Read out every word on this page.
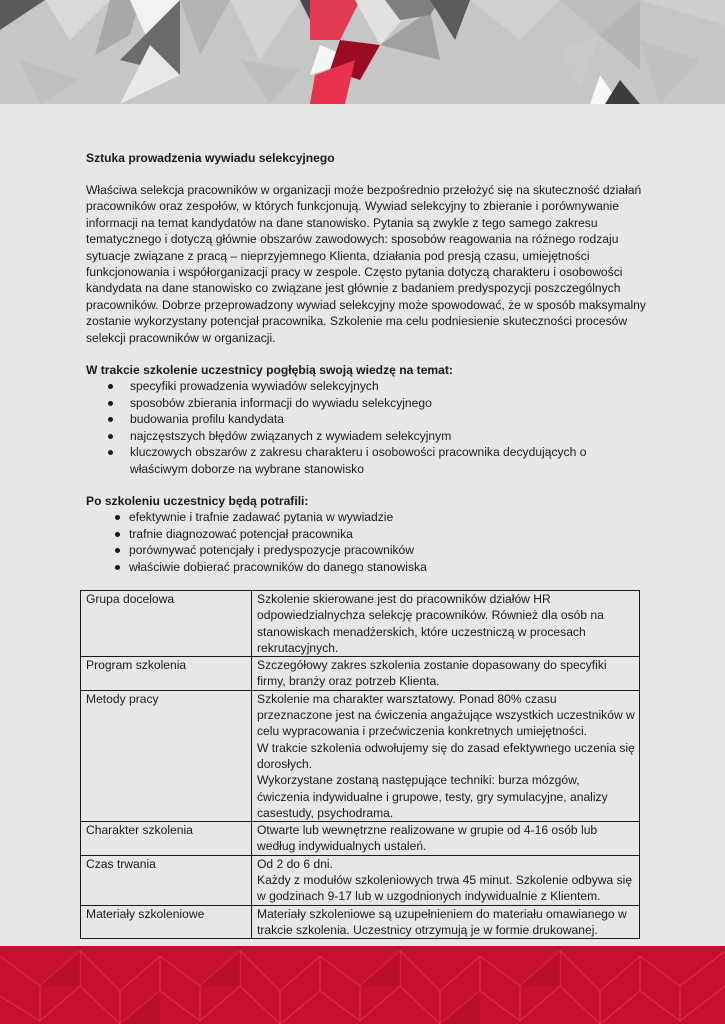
Sztuka prowadzenia wywiadu selekcyjnego

Właściwa selekcja pracowników w organizacji może bezpośrednio przełożyć się na skuteczność działań pracowników oraz zespołów, w których funkcjonują. Wywiad selekcyjny to zbieranie i porównywanie informacji na temat kandydatów na dane stanowisko. Pytania są zwykle z tego samego zakresu tematycznego i dotyczą głównie obszarów zawodowych: sposobów reagowania na różnego rodzaju sytuacje związane z pracą – nieprzyjemnego Klienta, działania pod presją czasu, umiejętności funkcjonowania i współorganizacji pracy w zespole. Często pytania dotyczą charakteru i osobowości kandydata na dane stanowisko co związane jest głównie z badaniem predyspozycji poszczególnych pracowników. Dobrze przeprowadzony wywiad selekcyjny może spowodować, że w sposób maksymalny zostanie wykorzystany potencjał pracownika. Szkolenie ma celu podniesienie skuteczności procesów selekcji pracowników w organizacji.

W trakcie szkolenie uczestnicy pogłębią swoją wiedzę na temat:
specyfiki prowadzenia wywiadów selekcyjnych
sposobów zbierania informacji do wywiadu selekcyjnego
budowania profilu kandydata
najczęstszych błędów związanych z wywiadem selekcyjnym
kluczowych obszarów z zakresu charakteru i osobowości pracownika decydujących o właściwym doborze na wybrane stanowisko
Po szkoleniu uczestnicy będą potrafili:
efektywnie i trafnie zadawać pytania w wywiadzie
trafnie diagnozować potencjał pracownika
porównywać potencjały i predyspozycje pracowników
właściwie dobierać pracowników do danego stanowiska
Grupa docelowa	Szkolenie skierowane jest do pracowników działów HR odpowiedzialnychza selekcję pracowników. Również dla osób na stanowiskach menadżerskich, które uczestniczą w procesach rekrutacyjnych.

Program szkolenia	Szczegółowy zakres szkolenia zostanie dopasowany do specyfiki firmy, branży oraz potrzeb Klienta.

Metody pracy	Szkolenie ma charakter warsztatowy. Ponad 80% czasu przeznaczone jest na ćwiczenia angażujące wszystkich uczestników w celu wypracowania i przećwiczenia konkretnych umiejętności.
W trakcie szkolenia odwołujemy się do zasad efektywnego uczenia się dorosłych.
Wykorzystane zostaną następujące techniki: burza mózgów, ćwiczenia indywidualne i grupowe, testy, gry symulacyjne, analizy casestudy, psychodrama.

Charakter szkolenia	Otwarte lub wewnętrzne realizowane w grupie od 4-16 osób lub według indywidualnych ustaleń.

Czas trwania	Od 2 do 6 dni.
Każdy z modułów szkoleniowych trwa 45 minut. Szkolenie odbywa się w godzinach 9-17 lub w uzgodnionych indywidualnie z Klientem.

Materiały szkoleniowe	Materiały szkoleniowe są uzupełnieniem do materiału omawianego w trakcie szkolenia. Uczestnicy otrzymują je w formie drukowanej.
